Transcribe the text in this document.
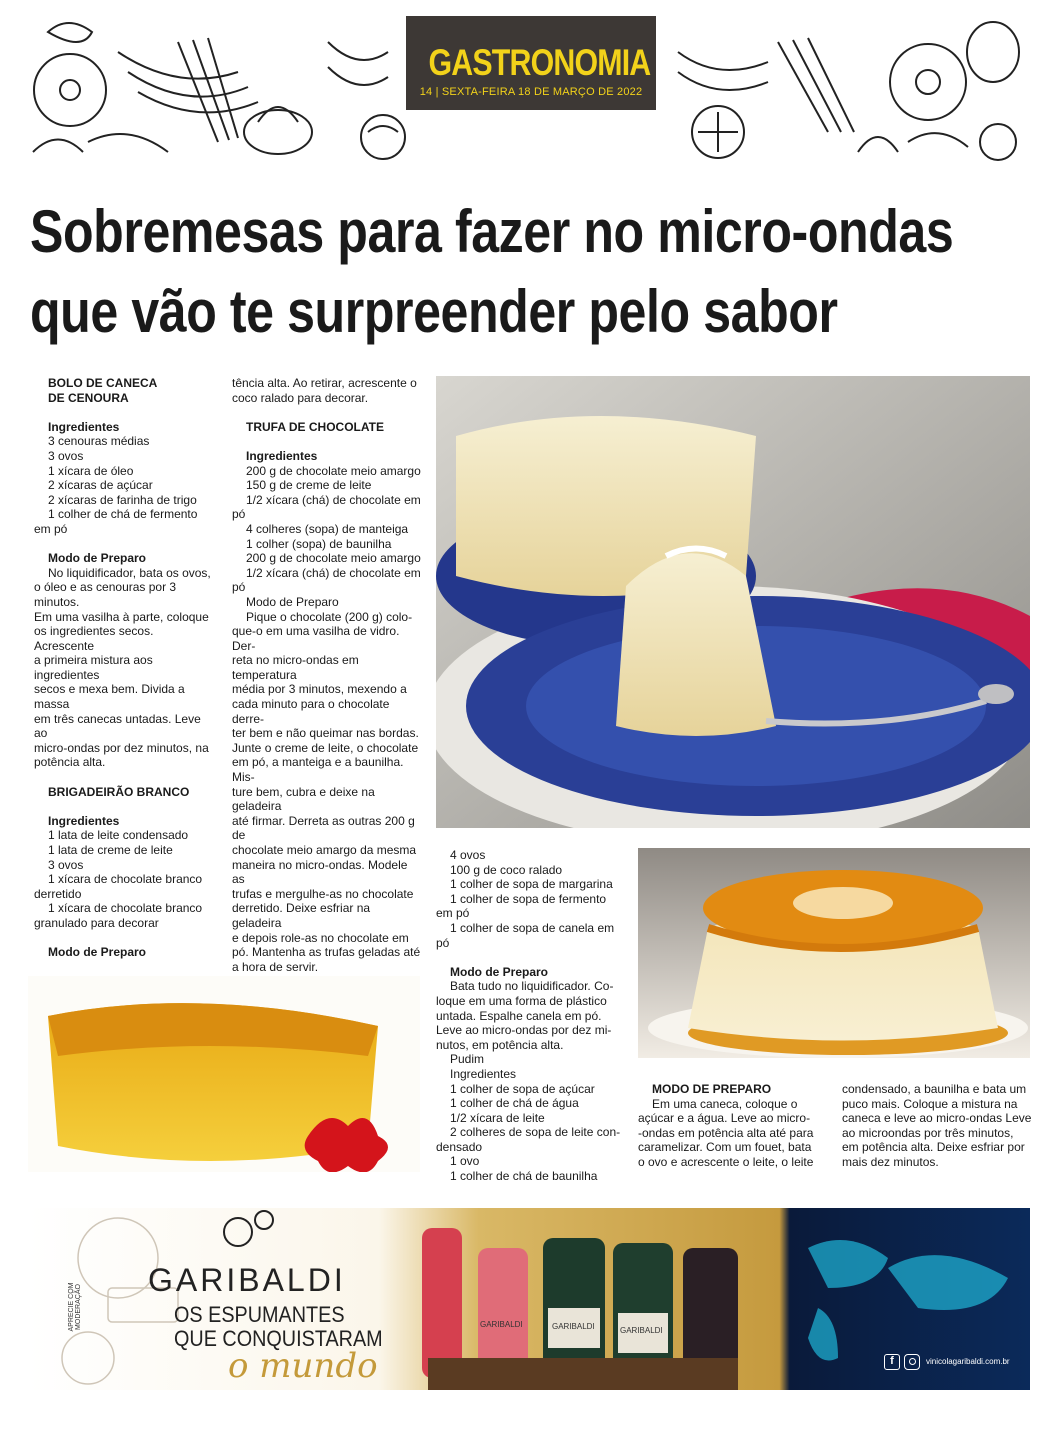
GASTRONOMIA
14 | SEXTA-FEIRA 18 DE MARÇO DE 2022
Sobremesas para fazer no micro-ondas
que vão te surpreender pelo sabor

BOLO DE CANECA

DE CENOURA

Ingredientes

3 cenouras médias

3 ovos

1 xícara de óleo

2 xícaras de açúcar

2 xícaras de farinha de trigo

1 colher de chá de fermento em pó

Modo de Preparo

No liquidificador, bata os ovos,

o óleo e as cenouras por 3 minutos.

Em uma vasilha à parte, coloque

os ingredientes secos. Acrescente

a primeira mistura aos ingredientes

secos e mexa bem. Divida a massa

em três canecas untadas. Leve ao

micro-ondas por dez minutos, na

potência alta.

BRIGADEIRÃO BRANCO

Ingredientes

1 lata de leite condensado

1 lata de creme de leite

3 ovos

1 xícara de chocolate branco

derretido

1 xícara de chocolate branco

granulado para decorar

Modo de Preparo

tência alta. Ao retirar, acrescente o

coco ralado para decorar.

TRUFA DE CHOCOLATE

Ingredientes

200 g de chocolate meio amargo

150 g de creme de leite

1/2 xícara (chá) de chocolate em

pó

4 colheres (sopa) de manteiga

1 colher (sopa) de baunilha

200 g de chocolate meio amargo

1/2 xícara (chá) de chocolate em

pó

Modo de Preparo

Pique o chocolate (200 g) colo-

que-o em uma vasilha de vidro. Der-

reta no micro-ondas em temperatura

média por 3 minutos, mexendo a

cada minuto para o chocolate derre-

ter bem e não queimar nas bordas.

Junte o creme de leite, o chocolate

em pó, a manteiga e a baunilha. Mis-

ture bem, cubra e deixe na geladeira

até firmar. Derreta as outras 200 g de

chocolate meio amargo da mesma

maneira no micro-ondas. Modele as

trufas e mergulhe-as no chocolate

derretido. Deixe esfriar na geladeira

e depois role-as no chocolate em

pó. Mantenha as trufas geladas até

a hora de servir.

4 ovos

100 g de coco ralado

1 colher de sopa de margarina

1 colher de sopa de fermento

em pó

1 colher de sopa de canela em pó

Modo de Preparo

Bata tudo no liquidificador. Co-

loque em uma forma de plástico

untada. Espalhe canela em pó.

Leve ao micro-ondas por dez mi-

nutos, em potência alta.

Pudim

Ingredientes

1 colher de sopa de açúcar

1 colher de chá de água

1/2 xícara de leite

2 colheres de sopa de leite con-

densado

1 ovo

1 colher de chá de baunilha

MODO DE PREPARO

Em uma caneca, coloque o

açúcar e a água. Leve ao micro-

-ondas em potência alta até para

caramelizar. Com um fouet, bata

o ovo e acrescente o leite, o leite

condensado, a baunilha e bata um

puco mais. Coloque a mistura na

caneca e leve ao micro-ondas Leve

ao microondas por três minutos,

em potência alta. Deixe esfriar por

mais dez minutos.

APRECIE COM MODERAÇÃO
GARIBALDI
OS ESPUMANTES
QUE CONQUISTARAM
o mundo
GARIBALDI	GARIBALDI	GARIBALDI
f	vinicolagaribaldi.com.br
